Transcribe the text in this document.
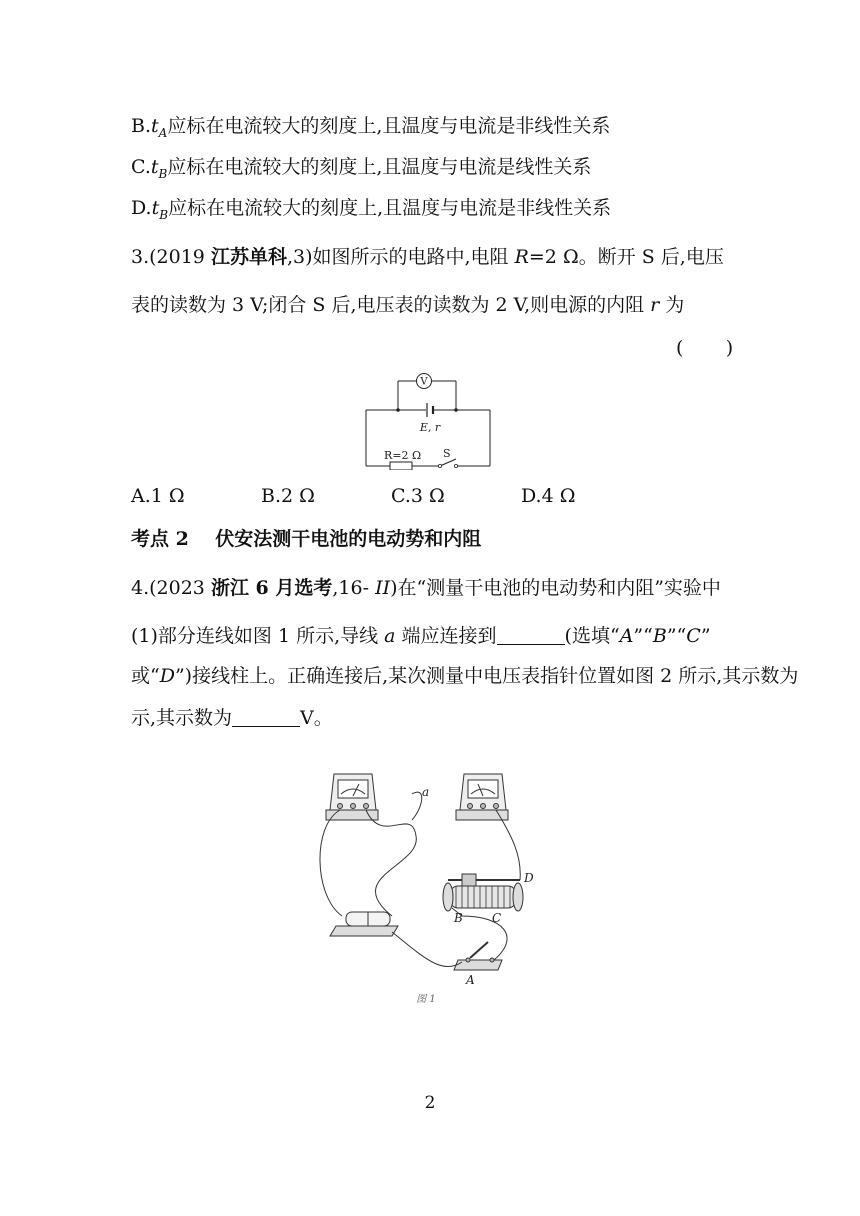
$B.t_A$应标在电流较大的刻度上,且温度与电流是非线性关系
$C.t_B$应标在电流较大的刻度上,且温度与电流是线性关系
$D.t_B$应标在电流较大的刻度上,且温度与电流是非线性关系
3.(2019 江苏单科,3)如图所示的电路中,电阻 R=2 Ω。断开 S 后,电压
表的读数为 3 V;闭合 S 后,电压表的读数为 2 V,则电源的内阻 r 为
(       )
V
E, r
R=2 Ω S
A.1 Ω	B.2 Ω	C.3 Ω	D.4 Ω
考点 2    伏安法测干电池的电动势和内阻
4.(2023 浙江 6 月选考,16- II)在“测量干电池的电动势和内阻”实验中
(1)部分连线如图 1 所示,导线 a 端应连接到	(选填“A”“B”“C”
或“D”)接线柱上。正确连接后,某次测量中电压表指针位置如图 2 所示,其示数为
示,其示数为	V。
a
A
B C
D
图 1
2
